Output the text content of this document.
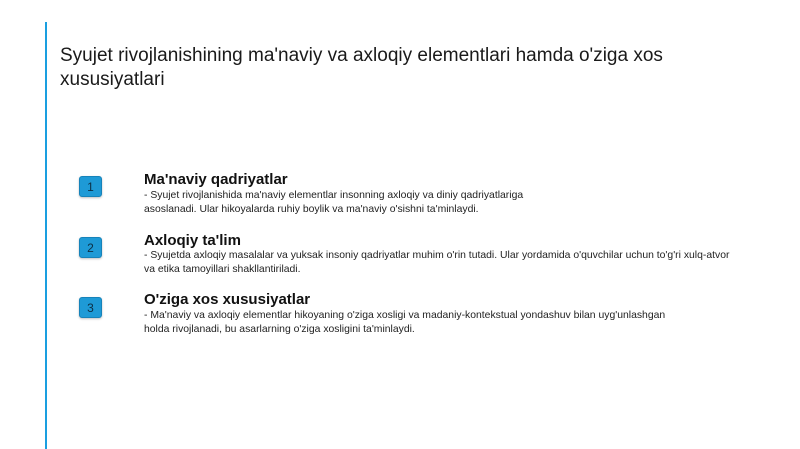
Syujet rivojlanishining ma'naviy va axloqiy elementlari hamda o'ziga xos xususiyatlari
1	Ma'naviy qadriyatlar

- Syujet rivojlanishida ma'naviy elementlar insonning axloqiy va diniy qadriyatlariga asoslanadi. Ular hikoyalarda ruhiy boylik va ma'naviy o'sishni ta'minlaydi.

2	Axloqiy ta'lim

- Syujetda axloqiy masalalar va yuksak insoniy qadriyatlar muhim o'rin tutadi. Ular yordamida o'quvchilar uchun to'g'ri xulq-atvor va etika tamoyillari shakllantiriladi.

3	O'ziga xos xususiyatlar

- Ma'naviy va axloqiy elementlar hikoyaning o'ziga xosligi va madaniy-kontekstual yondashuv bilan uyg'unlashgan holda rivojlanadi, bu asarlarning o'ziga xosligini ta'minlaydi.
